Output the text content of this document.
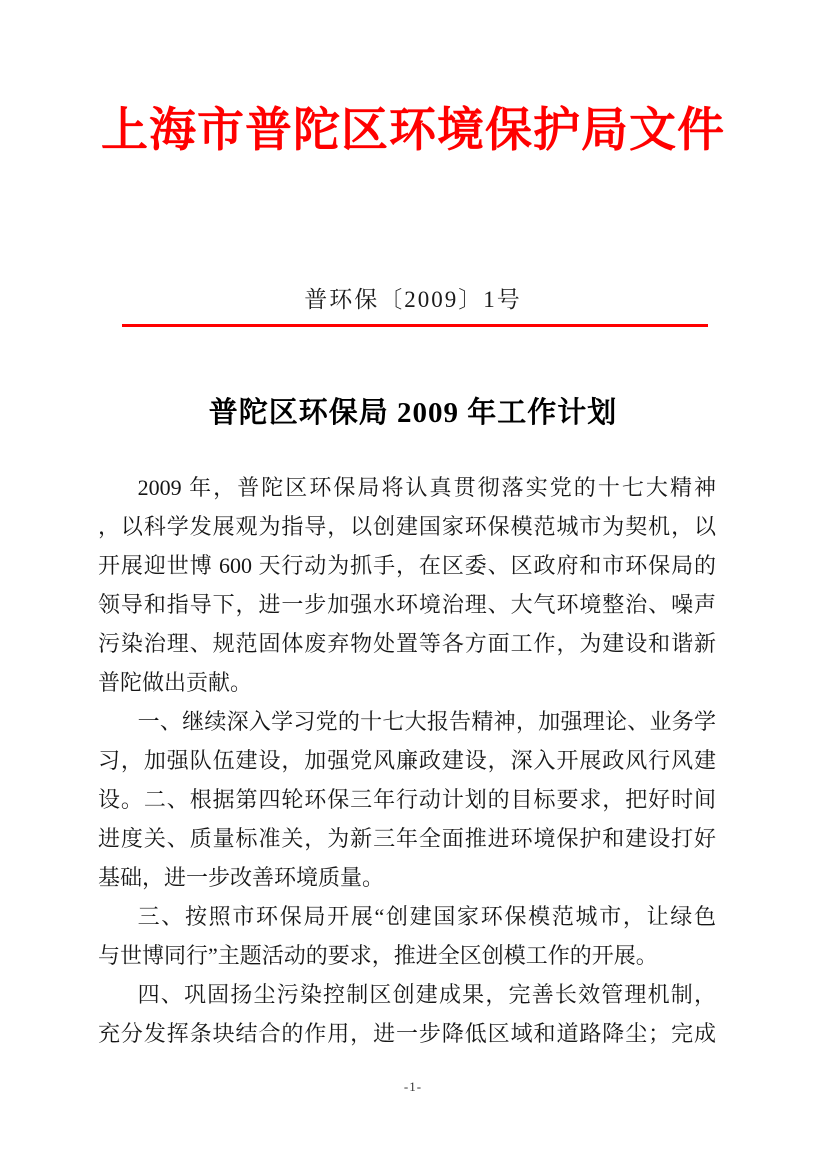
上海市普陀区环境保护局文件
普环保〔2009〕1号
普陀区环保局 2009 年工作计划
2009 年，普陀区环保局将认真贯彻落实党的十七大精神
，以科学发展观为指导，以创建国家环保模范城市为契机，以
开展迎世博 600 天行动为抓手，在区委、区政府和市环保局的
领导和指导下，进一步加强水环境治理、大气环境整治、噪声
污染治理、规范固体废弃物处置等各方面工作，为建设和谐新
普陀做出贡献。
一、继续深入学习党的十七大报告精神，加强理论、业务学
习，加强队伍建设，加强党风廉政建设，深入开展政风行风建
设。二、根据第四轮环保三年行动计划的目标要求，把好时间
进度关、质量标准关，为新三年全面推进环境保护和建设打好
基础，进一步改善环境质量。
三、按照市环保局开展“创建国家环保模范城市，让绿色
与世博同行”主题活动的要求，推进全区创模工作的开展。
四、巩固扬尘污染控制区创建成果，完善长效管理机制，
充分发挥条块结合的作用，进一步降低区域和道路降尘；完成
-1-
